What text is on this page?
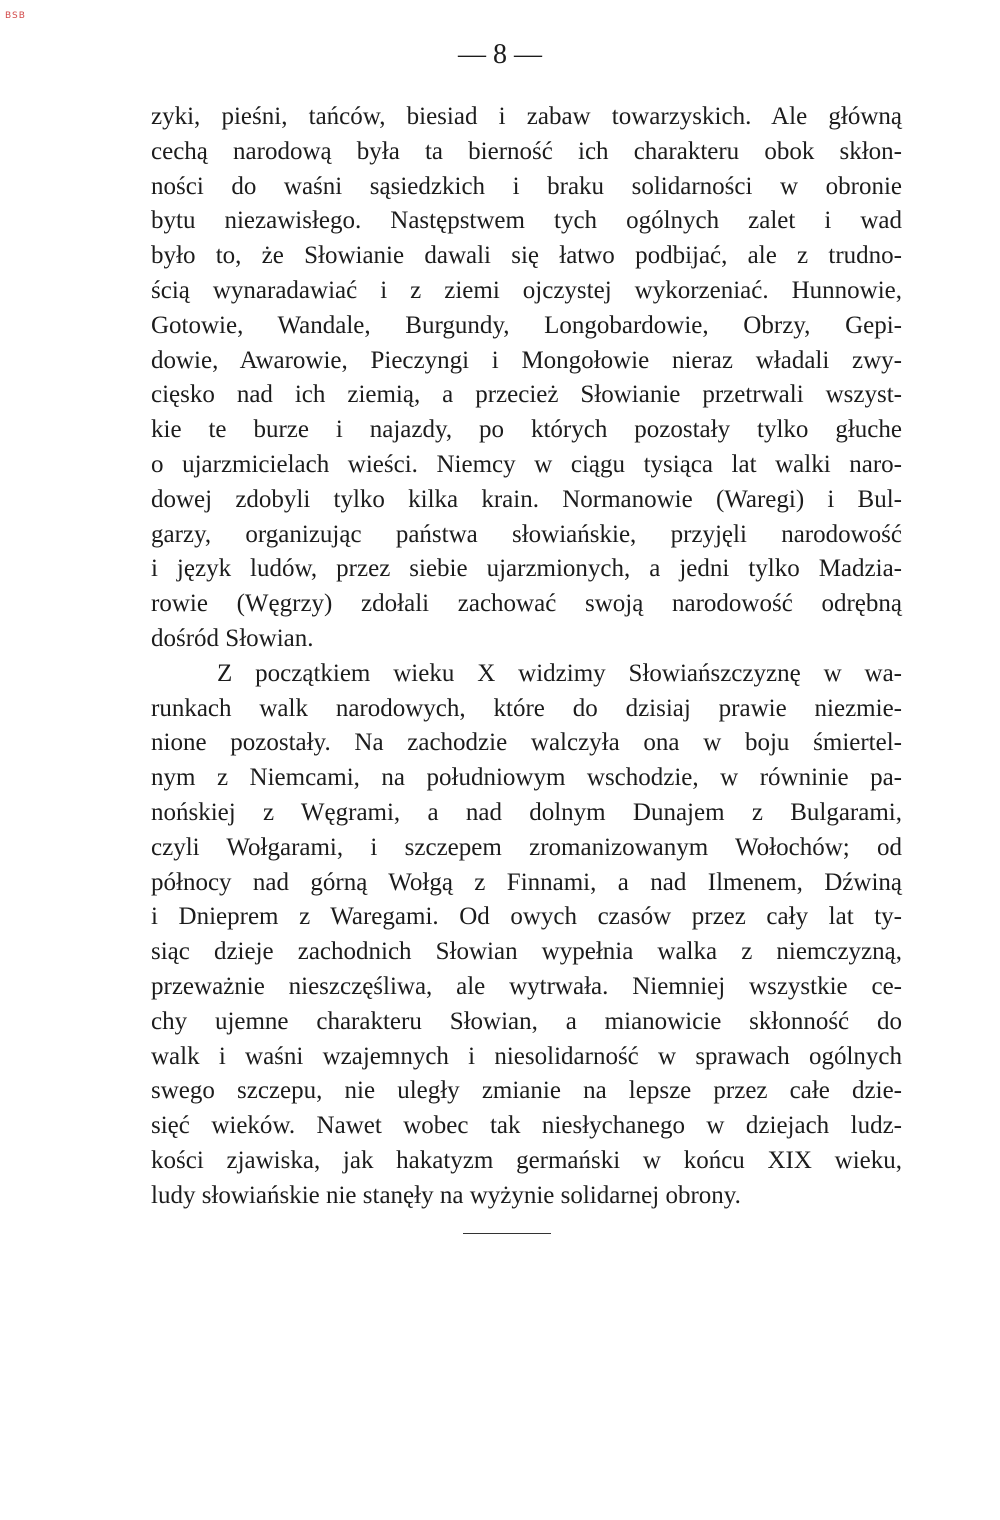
BSB
— 8 —
zyki, pieśni, tańców, biesiad i zabaw towarzyskich. Ale główną
cechą narodową była ta bierność ich charakteru obok skłon-
ności do waśni sąsiedzkich i braku solidarności w obronie
bytu niezawisłego. Następstwem tych ogólnych zalet i wad
było to, że Słowianie dawali się łatwo podbijać, ale z trudno-
ścią wynaradawiać i z ziemi ojczystej wykorzeniać. Hunnowie,
Gotowie, Wandale, Burgundy, Longobardowie, Obrzy, Gepi-
dowie, Awarowie, Pieczyngi i Mongołowie nieraz władali zwy-
cięsko nad ich ziemią, a przecież Słowianie przetrwali wszyst-
kie te burze i najazdy, po których pozostały tylko głuche
o ujarzmicielach wieści. Niemcy w ciągu tysiąca lat walki naro-
dowej zdobyli tylko kilka krain. Normanowie (Waregi) i Bul-
garzy, organizując państwa słowiańskie, przyjęli narodowość
i język ludów, przez siebie ujarzmionych, a jedni tylko Madzia-
rowie (Węgrzy) zdołali zachować swoją narodowość odrębną
dośród Słowian.
Z początkiem wieku X widzimy Słowiańszczyznę w wa-
runkach walk narodowych, które do dzisiaj prawie niezmie-
nione pozostały. Na zachodzie walczyła ona w boju śmiertel-
nym z Niemcami, na południowym wschodzie, w równinie pa-
nońskiej z Węgrami, a nad dolnym Dunajem z Bulgarami,
czyli Wołgarami, i szczepem zromanizowanym Wołochów; od
północy nad górną Wołgą z Finnami, a nad Ilmenem, Dźwiną
i Dnieprem z Waregami. Od owych czasów przez cały lat ty-
siąc dzieje zachodnich Słowian wypełnia walka z niemczyzną,
przeważnie nieszczęśliwa, ale wytrwała. Niemniej wszystkie ce-
chy ujemne charakteru Słowian, a mianowicie skłonność do
walk i waśni wzajemnych i niesolidarność w sprawach ogólnych
swego szczepu, nie uległy zmianie na lepsze przez całe dzie-
sięć wieków. Nawet wobec tak niesłychanego w dziejach ludz-
kości zjawiska, jak hakatyzm germański w końcu XIX wieku,
ludy słowiańskie nie stanęły na wyżynie solidarnej obrony.
